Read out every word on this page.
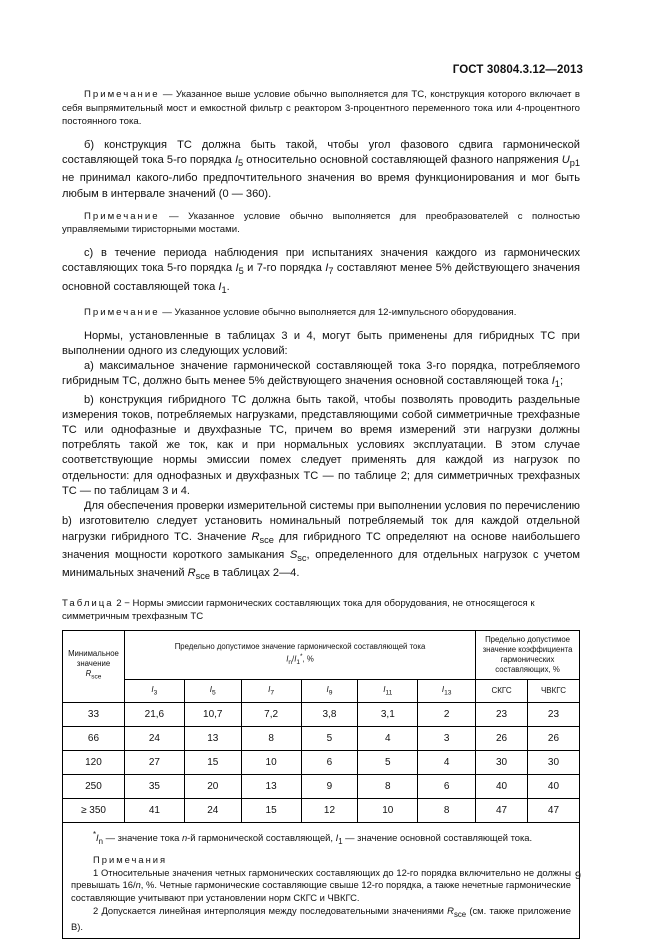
ГОСТ 30804.3.12—2013

Примечание — Указанное выше условие обычно выполняется для ТС, конструкция которого включает в себя выпрямительный мост и емкостной фильтр с реактором 3-процентного переменного тока или 4-процентного постоянного тока.

б) конструкция ТС должна быть такой, чтобы угол фазового сдвига гармонической составляющей тока 5-го порядка $I_5$ относительно основной составляющей фазного напряжения $U_{p1}$ не принимал какого-либо предпочтительного значения во время функционирования и мог быть любым в интервале значений (0 — 360).

Примечание — Указанное условие обычно выполняется для преобразователей с полностью управляемыми тиристорными мостами.

с) в течение периода наблюдения при испытаниях значения каждого из гармонических составляющих тока 5-го порядка $I_5$ и 7-го порядка $I_7$ составляют менее 5% действующего значения основной составляющей тока $I_1$.

Примечание — Указанное условие обычно выполняется для 12-импульсного оборудования.

Нормы, установленные в таблицах 3 и 4, могут быть применены для гибридных ТС при выполнении одного из следующих условий:

а) максимальное значение гармонической составляющей тока 3-го порядка, потребляемого гибридным ТС, должно быть менее 5% действующего значения основной составляющей тока $I_1$;

b) конструкция гибридного ТС должна быть такой, чтобы позволять проводить раздельные измерения токов, потребляемых нагрузками, представляющими собой симметричные трехфазные ТС или однофазные и двухфазные ТС, причем во время измерений эти нагрузки должны потреблять такой же ток, как и при нормальных условиях эксплуатации. В этом случае соответствующие нормы эмиссии помех следует применять для каждой из нагрузок по отдельности: для однофазных и двухфазных ТС — по таблице 2; для симметричных трехфазных ТС — по таблицам 3 и 4.

Для обеспечения проверки измерительной системы при выполнении условия по перечислению b) изготовителю следует установить номинальный потребляемый ток для каждой отдельной нагрузки гибридного ТС. Значение $R_{sce}$ для гибридного ТС определяют на основе наибольшего значения мощности короткого замыкания $S_{sc}$, определенного для отдельных нагрузок с учетом минимальных значений $R_{sce}$ в таблицах 2—4.

Таблица 2 − Нормы эмиссии гармонических составляющих тока для оборудования, не относящегося к симметричным трехфазным ТС

Минимальное значение
$R_{sce}$	Предельно допустимое значение гармонической составляющей тока
$I_n/I_1^*$, %						Предельно допустимое значение коэффициента гармонических составляющих, %	
	$I_3$	$I_5$	$I_7$	$I_9$	$I_{11}$	$I_{13}$	СКГС	ЧВКГС
33	21,6	10,7	7,2	3,8	3,1	2	23	23
66	24	13	8	5	4	3	26	26
120	27	15	10	6	5	4	30	30
250	35	20	13	9	8	6	40	40
≥ 350	41	24	15	12	10	8	47	47

$^*I_n$ — значение тока n-й гармонической составляющей, $I_1$ — значение основной составляющей тока.

Примечания

1 Относительные значения четных гармонических составляющих до 12-го порядка включительно не должны превышать 16/n, %. Четные гармонические составляющие свыше 12-го порядка, а также нечетные гармонические составляющие учитывают при установлении норм СКГС и ЧВКГС.

2 Допускается линейная интерполяция между последовательными значениями $R_{sce}$ (см. также приложение В).								

9
